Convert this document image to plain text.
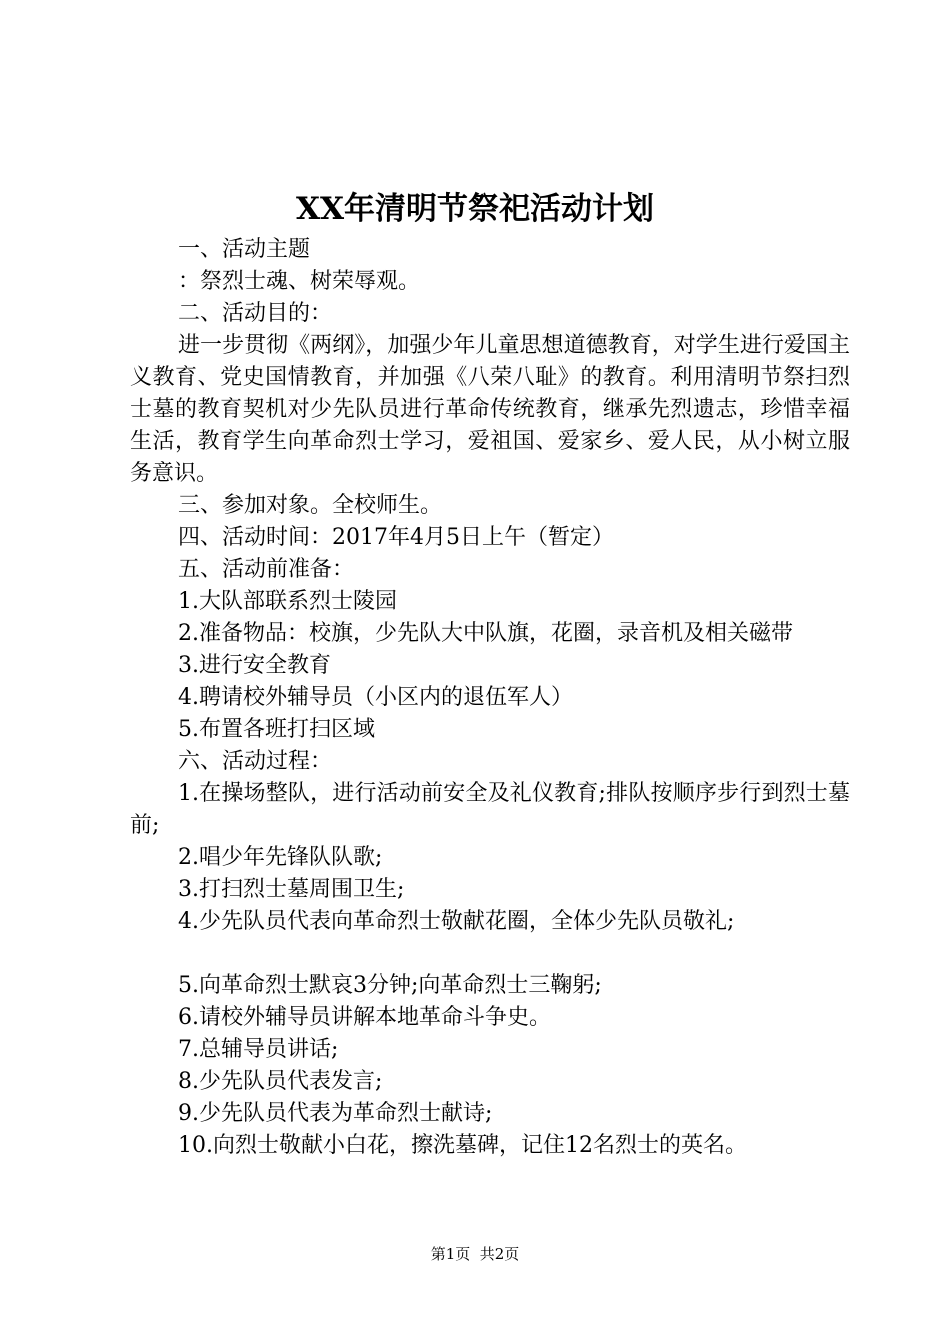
XX年清明节祭祀活动计划

一、活动主题

：祭烈士魂、树荣辱观。

二、活动目的：

进一步贯彻《两纲》，加强少年儿童思想道德教育，对学生进行爱国主义教育、党史国情教育，并加强《八荣八耻》的教育。利用清明节祭扫烈士墓的教育契机对少先队员进行革命传统教育，继承先烈遗志，珍惜幸福生活，教育学生向革命烈士学习，爱祖国、爱家乡、爱人民，从小树立服务意识。

三、参加对象。全校师生。

四、活动时间：2017年4月5日上午（暂定）

五、活动前准备：

1.大队部联系烈士陵园

2.准备物品：校旗，少先队大中队旗，花圈，录音机及相关磁带

3.进行安全教育

4.聘请校外辅导员（小区内的退伍军人）

5.布置各班打扫区域

六、活动过程：

1.在操场整队，进行活动前安全及礼仪教育;排队按顺序步行到烈士墓前;

2.唱少年先锋队队歌;

3.打扫烈士墓周围卫生;

4.少先队员代表向革命烈士敬献花圈，全体少先队员敬礼;

5.向革命烈士默哀3分钟;向革命烈士三鞠躬;

6.请校外辅导员讲解本地革命斗争史。

7.总辅导员讲话;

8.少先队员代表发言;

9.少先队员代表为革命烈士献诗;

10.向烈士敬献小白花，擦洗墓碑，记住12名烈士的英名。

第1页  共2页
